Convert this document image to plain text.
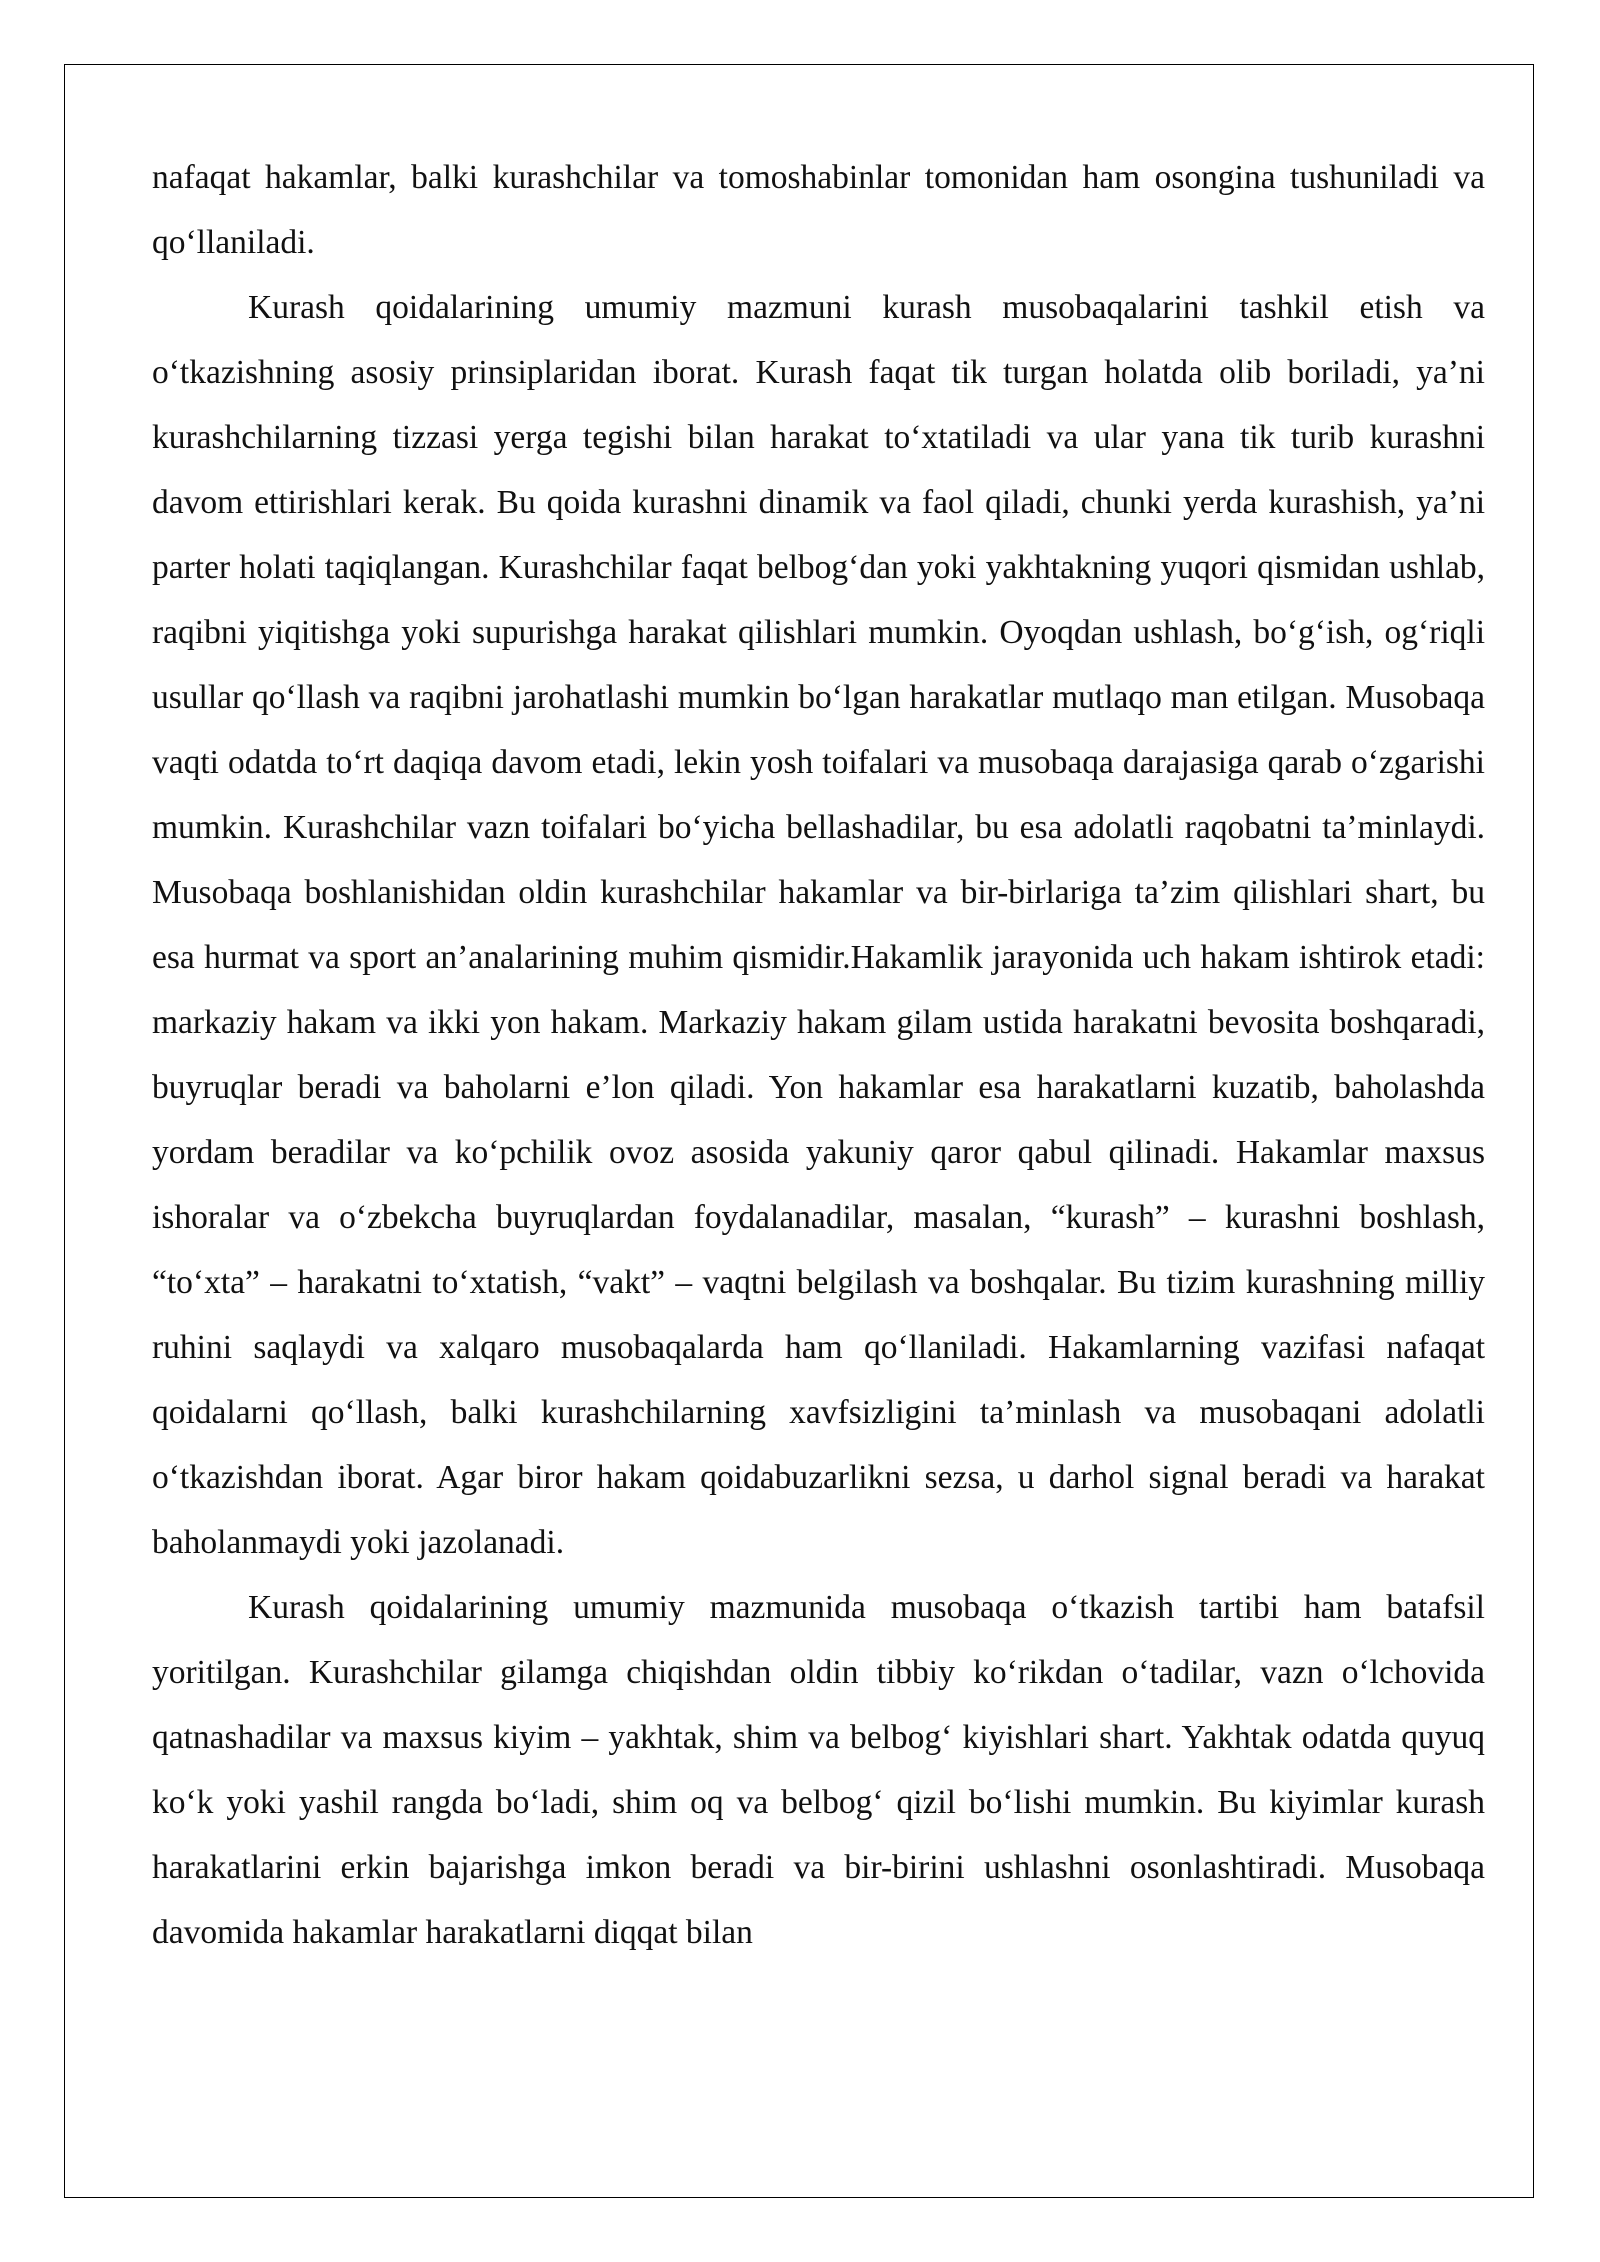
nafaqat hakamlar, balki kurashchilar va tomoshabinlar tomonidan ham osongina tushuniladi va qo‘llaniladi.

Kurash qoidalarining umumiy mazmuni kurash musobaqalarini tashkil etish va o‘tkazishning asosiy prinsiplaridan iborat. Kurash faqat tik turgan holatda olib boriladi, ya’ni kurashchilarning tizzasi yerga tegishi bilan harakat to‘xtatiladi va ular yana tik turib kurashni davom ettirishlari kerak. Bu qoida kurashni dinamik va faol qiladi, chunki yerda kurashish, ya’ni parter holati taqiqlangan. Kurashchilar faqat belbog‘dan yoki yakhtakning yuqori qismidan ushlab, raqibni yiqitishga yoki supurishga harakat qilishlari mumkin. Oyoqdan ushlash, bo‘g‘ish, og‘riqli usullar qo‘llash va raqibni jarohatlashi mumkin bo‘lgan harakatlar mutlaqo man etilgan. Musobaqa vaqti odatda to‘rt daqiqa davom etadi, lekin yosh toifalari va musobaqa darajasiga qarab o‘zgarishi mumkin. Kurashchilar vazn toifalari bo‘yicha bellashadilar, bu esa adolatli raqobatni ta’minlaydi. Musobaqa boshlanishidan oldin kurashchilar hakamlar va bir-birlariga ta’zim qilishlari shart, bu esa hurmat va sport an’analarining muhim qismidir.Hakamlik jarayonida uch hakam ishtirok etadi: markaziy hakam va ikki yon hakam. Markaziy hakam gilam ustida harakatni bevosita boshqaradi, buyruqlar beradi va baholarni e’lon qiladi. Yon hakamlar esa harakatlarni kuzatib, baholashda yordam beradilar va ko‘pchilik ovoz asosida yakuniy qaror qabul qilinadi. Hakamlar maxsus ishoralar va o‘zbekcha buyruqlardan foydalanadilar, masalan, “kurash” – kurashni boshlash, “to‘xta” – harakatni to‘xtatish, “vakt” – vaqtni belgilash va boshqalar. Bu tizim kurashning milliy ruhini saqlaydi va xalqaro musobaqalarda ham qo‘llaniladi. Hakamlarning vazifasi nafaqat qoidalarni qo‘llash, balki kurashchilarning xavfsizligini ta’minlash va musobaqani adolatli o‘tkazishdan iborat. Agar biror hakam qoidabuzarlikni sezsa, u darhol signal beradi va harakat baholanmaydi yoki jazolanadi.

Kurash qoidalarining umumiy mazmunida musobaqa o‘tkazish tartibi ham batafsil yoritilgan. Kurashchilar gilamga chiqishdan oldin tibbiy ko‘rikdan o‘tadilar, vazn o‘lchovida qatnashadilar va maxsus kiyim – yakhtak, shim va belbog‘ kiyishlari shart. Yakhtak odatda quyuq ko‘k yoki yashil rangda bo‘ladi, shim oq va belbog‘ qizil bo‘lishi mumkin. Bu kiyimlar kurash harakatlarini erkin bajarishga imkon beradi va bir-birini ushlashni osonlashtiradi. Musobaqa davomida hakamlar harakatlarni diqqat bilan
